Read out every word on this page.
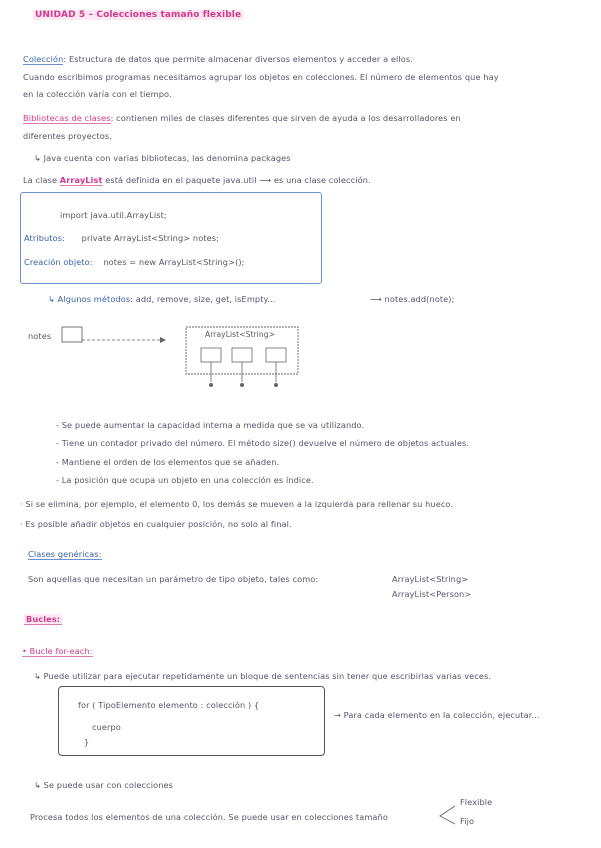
UNIDAD 5 – Colecciones tamaño flexible
Colección: Estructura de datos que permite almacenar diversos elementos y acceder a ellos.
Cuando escribimos programas necesitamos agrupar los objetos en colecciones. El número de elementos que hay
en la colección varía con el tiempo.
Bibliotecas de clases: contienen miles de clases diferentes que sirven de ayuda a los desarrolladores en
diferentes proyectos.
↳ Java cuenta con varias bibliotecas, las denomina packages
La clase ArrayList está definida en el paquete java.util ⟶ es una clase colección.
import java.util.ArrayList;
Atributos: private ArrayList<String> notes;
Creación objeto: notes = new ArrayList<String>();
↳ Algunos métodos: add, remove, size, get, isEmpty...	⟶ notes.add(note);
notes	ArrayList<String>
- Se puede aumentar la capacidad interna a medida que se va utilizando.
- Tiene un contador privado del número. El método size() devuelve el número de objetos actuales.
- Mantiene el orden de los elementos que se añaden.
- La posición que ocupa un objeto en una colección es índice.
· Si se elimina, por ejemplo, el elemento 0, los demás se mueven a la izquierda para rellenar su hueco.
· Es posible añadir objetos en cualquier posición, no solo al final.
Clases genéricas:
Son aquellas que necesitan un parámetro de tipo objeto, tales como:	ArrayList<String>
ArrayList<Person>
Bucles:
• Bucle for-each:
↳ Puede utilizar para ejecutar repetidamente un bloque de sentencias sin tener que escribirlas varias veces.
for ( TipoElemento elemento : colección ) {
cuerpo
}
→ Para cada elemento en la colección, ejecutar...
↳ Se puede usar con colecciones
Procesa todos los elementos de una colección. Se puede usar en colecciones tamaño
Flexible
Fijo
